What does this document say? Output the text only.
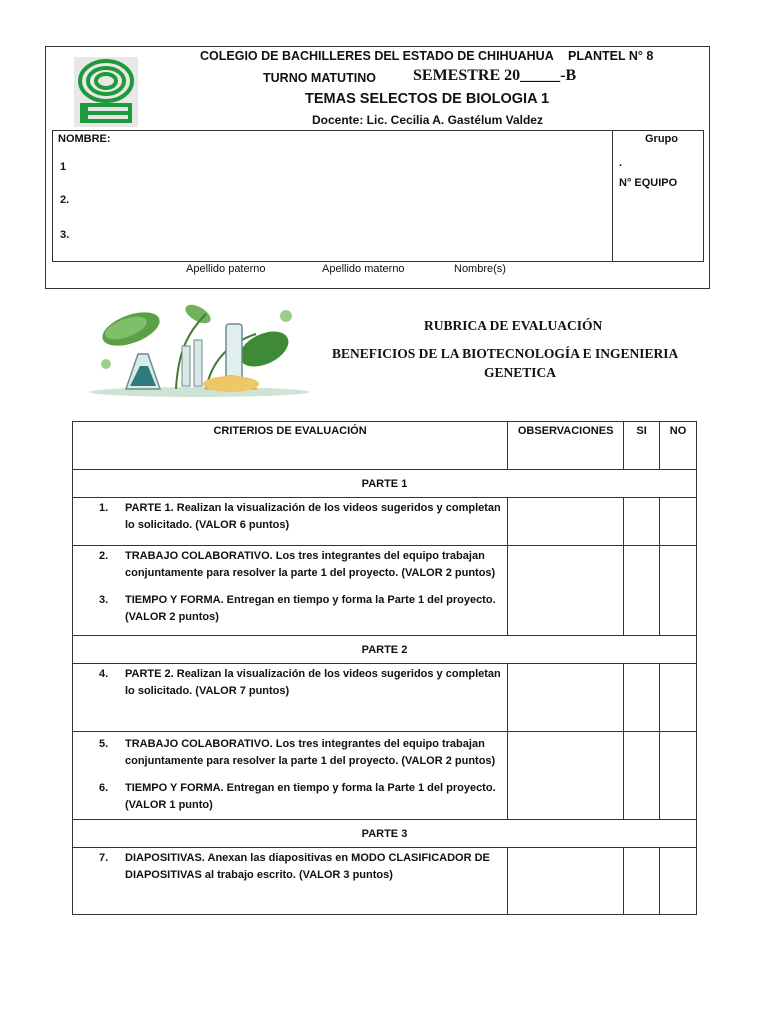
COLEGIO DE BACHILLERES DEL ESTADO DE CHIHUAHUA PLANTEL N° 8
TURNO MATUTINO SEMESTRE 20_____-B
TEMAS SELECTOS DE BIOLOGIA 1
Docente: Lic. Cecilia A. Gastélum Valdez
NOMBRE:
1
2.
3.
Grupo
.
N° EQUIPO
Apellido paterno	Apellido materno	Nombre(s)
RUBRICA DE EVALUACIÓN
BENEFICIOS DE LA BIOTECNOLOGÍA E INGENIERIA
GENETICA
CRITERIOS DE EVALUACIÓN	OBSERVACIONES	SI	NO
PARTE 1			

1. PARTE 1. Realizan la visualización de los videos sugeridos y completan lo solicitado. (VALOR 6 puntos)			

2. TRABAJO COLABORATIVO. Los tres integrantes del equipo trabajan conjuntamente para resolver la parte 1 del proyecto. (VALOR 2 puntos)
3. TIEMPO Y FORMA. Entregan en tiempo y forma la Parte 1 del proyecto. (VALOR 2 puntos)			

PARTE 2			

4. PARTE 2. Realizan la visualización de los videos sugeridos y completan lo solicitado. (VALOR 7 puntos)			

5. TRABAJO COLABORATIVO. Los tres integrantes del equipo trabajan conjuntamente para resolver la parte 1 del proyecto. (VALOR 2 puntos)
6. TIEMPO Y FORMA. Entregan en tiempo y forma la Parte 1 del proyecto. (VALOR 1 punto)			

PARTE 3			

7. DIAPOSITIVAS. Anexan las diapositivas en MODO CLASIFICADOR DE DIAPOSITIVAS al trabajo escrito. (VALOR 3 puntos)			
